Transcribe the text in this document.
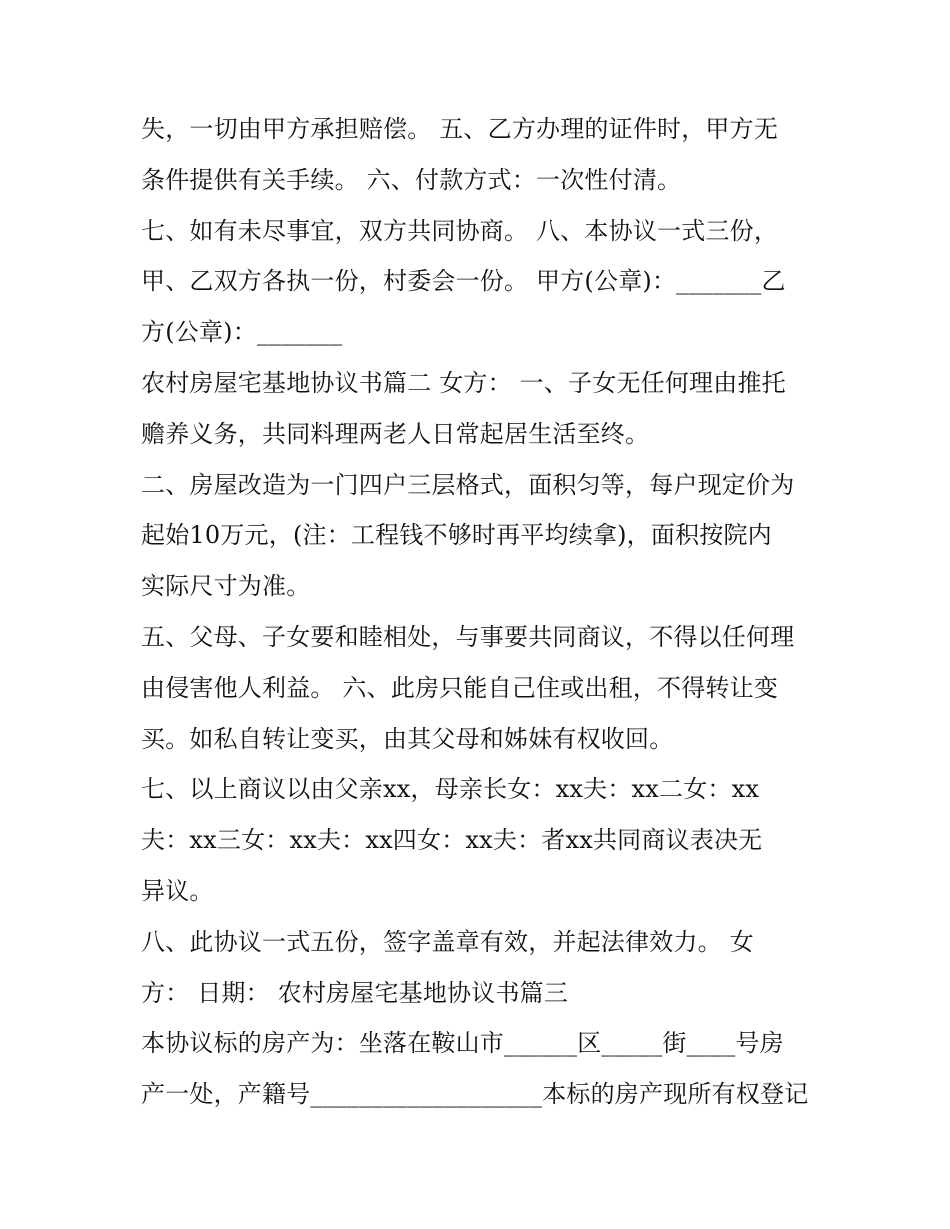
失，一切由甲方承担赔偿。 五、乙方办理的证件时，甲方无
条件提供有关手续。 六、付款方式：一次性付清。
七、如有未尽事宜，双方共同协商。 八、本协议一式三份，
甲、乙双方各执一份，村委会一份。 甲方(公章)：_______乙
方(公章)：_______
农村房屋宅基地协议书篇二 女方： 一、子女无任何理由推托
赡养义务，共同料理两老人日常起居生活至终。
二、房屋改造为一门四户三层格式，面积匀等，每户现定价为
起始10万元，(注：工程钱不够时再平均续拿)，面积按院内
实际尺寸为准。
五、父母、子女要和睦相处，与事要共同商议，不得以任何理
由侵害他人利益。 六、此房只能自己住或出租，不得转让变
买。如私自转让变买，由其父母和姊妹有权收回。
七、以上商议以由父亲xx，母亲长女：xx夫：xx二女：xx
夫：xx三女：xx夫：xx四女：xx夫：者xx共同商议表决无
异议。
八、此协议一式五份，签字盖章有效，并起法律效力。 女
方： 日期： 农村房屋宅基地协议书篇三
本协议标的房产为：坐落在鞍山市______区_____街____号房
产一处，产籍号___________________本标的房产现所有权登记
